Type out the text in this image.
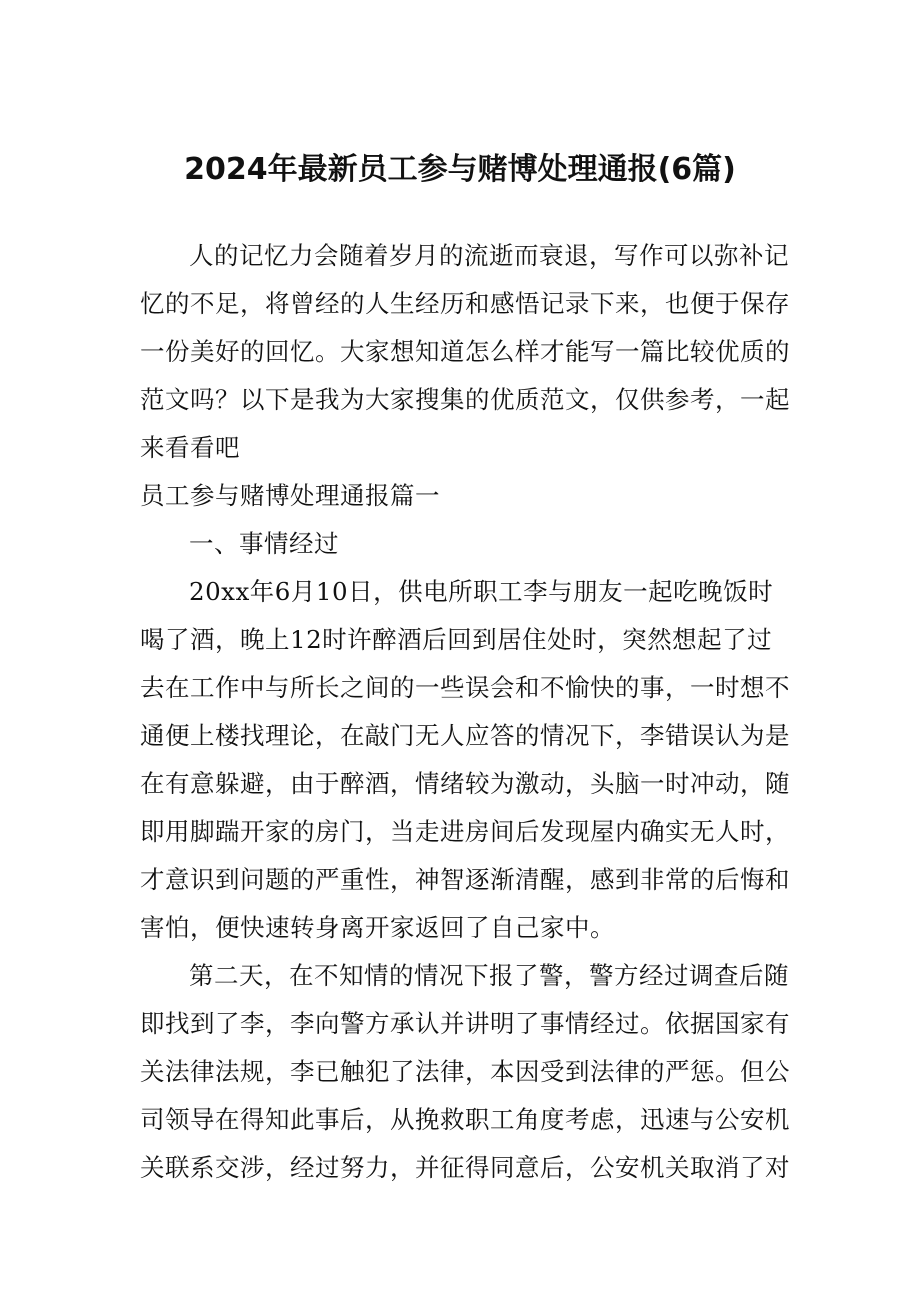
2024年最新员工参与赌博处理通报(6篇)
人的记忆力会随着岁月的流逝而衰退，写作可以弥补记
忆的不足，将曾经的人生经历和感悟记录下来，也便于保存
一份美好的回忆。大家想知道怎么样才能写一篇比较优质的
范文吗？以下是我为大家搜集的优质范文，仅供参考，一起
来看看吧
员工参与赌博处理通报篇一
一、事情经过
20xx年6月10日，供电所职工李与朋友一起吃晚饭时
喝了酒，晚上12时许醉酒后回到居住处时，突然想起了过
去在工作中与所长之间的一些误会和不愉快的事，一时想不
通便上楼找理论，在敲门无人应答的情况下，李错误认为是
在有意躲避，由于醉酒，情绪较为激动，头脑一时冲动，随
即用脚踹开家的房门，当走进房间后发现屋内确实无人时，
才意识到问题的严重性，神智逐渐清醒，感到非常的后悔和
害怕，便快速转身离开家返回了自己家中。
第二天，在不知情的情况下报了警，警方经过调查后随
即找到了李，李向警方承认并讲明了事情经过。依据国家有
关法律法规，李已触犯了法律，本因受到法律的严惩。但公
司领导在得知此事后，从挽救职工角度考虑，迅速与公安机
关联系交涉，经过努力，并征得同意后，公安机关取消了对
